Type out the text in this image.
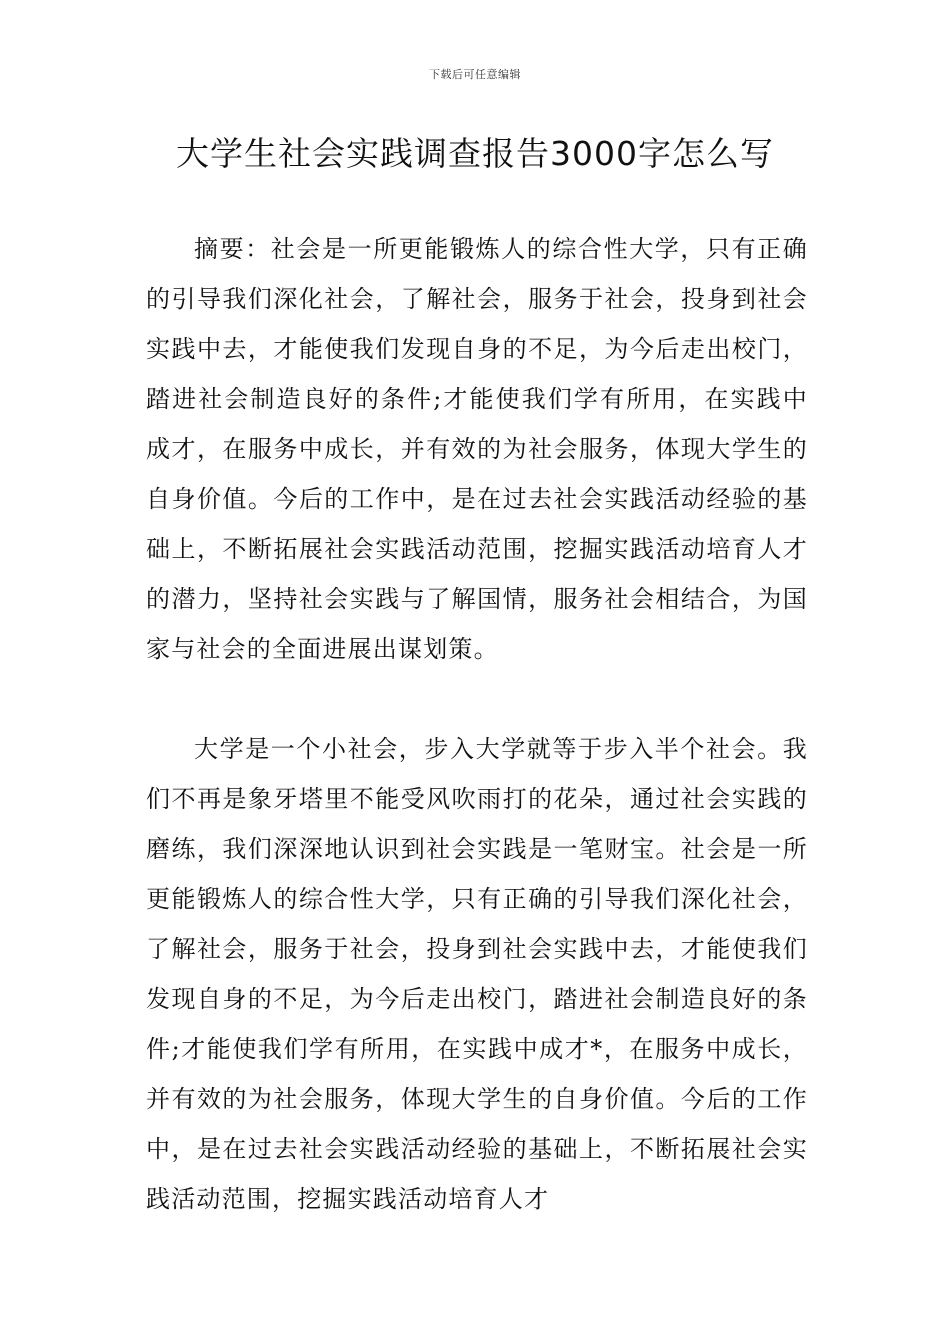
下载后可任意编辑
大学生社会实践调查报告3000字怎么写

摘要：社会是一所更能锻炼人的综合性大学，只有正确的引导我们深化社会，了解社会，服务于社会，投身到社会实践中去，才能使我们发现自身的不足，为今后走出校门，踏进社会制造良好的条件;才能使我们学有所用，在实践中成才，在服务中成长，并有效的为社会服务，体现大学生的自身价值。今后的工作中，是在过去社会实践活动经验的基础上，不断拓展社会实践活动范围，挖掘实践活动培育人才的潜力，坚持社会实践与了解国情，服务社会相结合，为国家与社会的全面进展出谋划策。

大学是一个小社会，步入大学就等于步入半个社会。我们不再是象牙塔里不能受风吹雨打的花朵，通过社会实践的磨练，我们深深地认识到社会实践是一笔财宝。社会是一所更能锻炼人的综合性大学，只有正确的引导我们深化社会，了解社会，服务于社会，投身到社会实践中去，才能使我们发现自身的不足，为今后走出校门，踏进社会制造良好的条件;才能使我们学有所用，在实践中成才*，在服务中成长，并有效的为社会服务，体现大学生的自身价值。今后的工作中，是在过去社会实践活动经验的基础上，不断拓展社会实践活动范围，挖掘实践活动培育人才
